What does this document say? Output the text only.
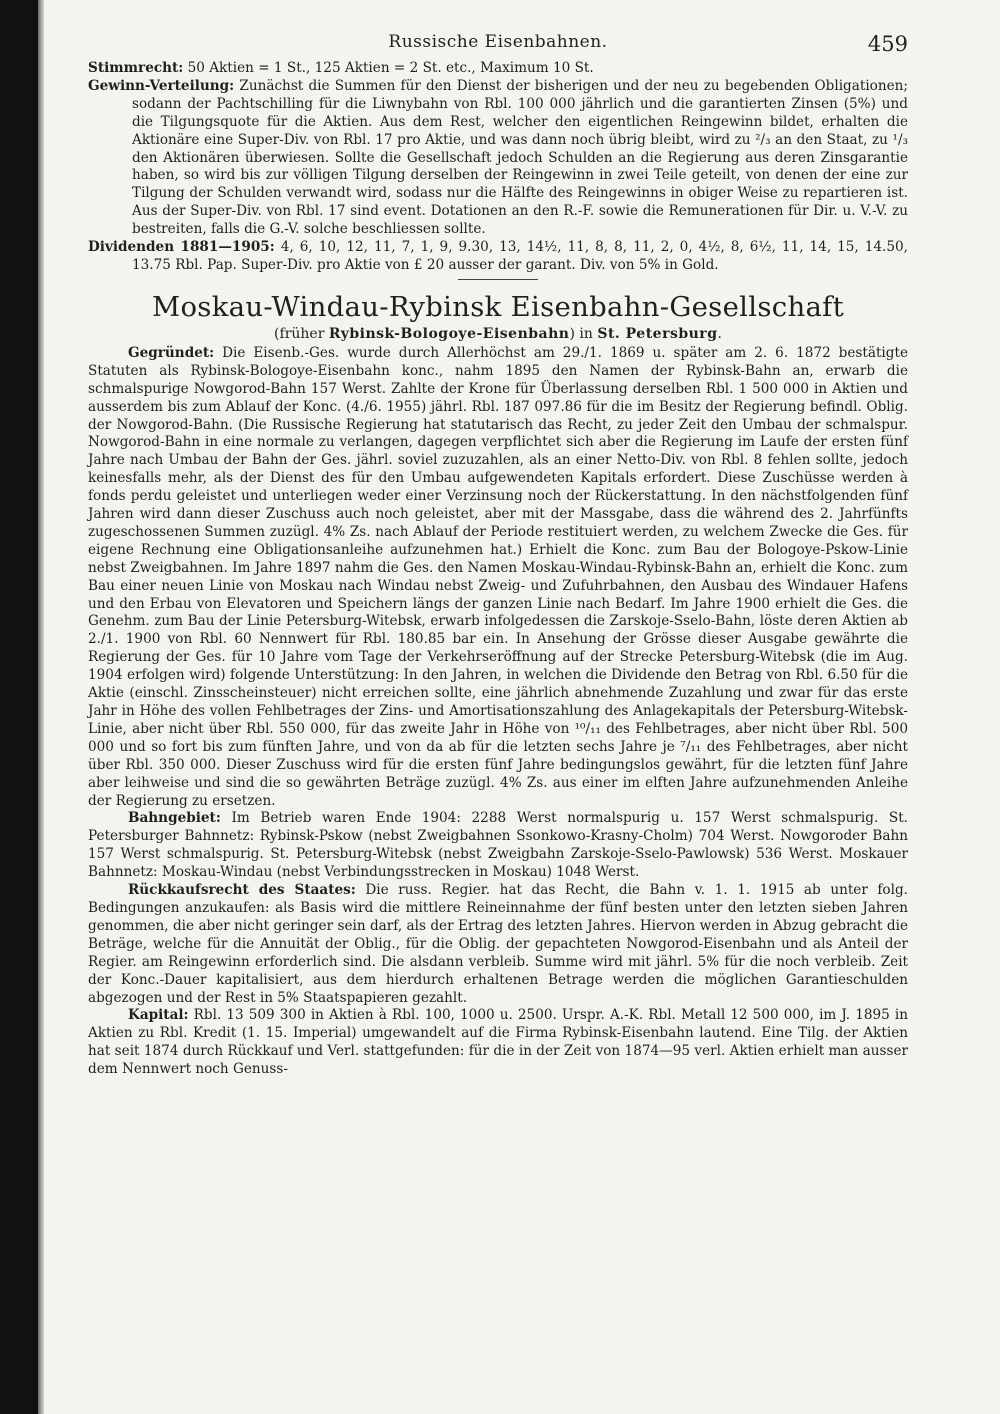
Russische Eisenbahnen.	459

Stimmrecht: 50 Aktien = 1 St., 125 Aktien = 2 St. etc., Maximum 10 St.

Gewinn-Verteilung: Zunächst die Summen für den Dienst der bisherigen und der neu zu begebenden Obligationen; sodann der Pachtschilling für die Liwnybahn von Rbl. 100 000 jährlich und die garantierten Zinsen (5%) und die Tilgungsquote für die Aktien. Aus dem Rest, welcher den eigentlichen Reingewinn bildet, erhalten die Aktionäre eine Super-Div. von Rbl. 17 pro Aktie, und was dann noch übrig bleibt, wird zu ²/₃ an den Staat, zu ¹/₃ den Aktionären überwiesen. Sollte die Gesellschaft jedoch Schulden an die Regierung aus deren Zinsgarantie haben, so wird bis zur völligen Tilgung derselben der Reingewinn in zwei Teile geteilt, von denen der eine zur Tilgung der Schulden verwandt wird, sodass nur die Hälfte des Reingewinns in obiger Weise zu repartieren ist. Aus der Super-Div. von Rbl. 17 sind event. Dotationen an den R.-F. sowie die Remunerationen für Dir. u. V.-V. zu bestreiten, falls die G.-V. solche beschliessen sollte.

Dividenden 1881—1905: 4, 6, 10, 12, 11, 7, 1, 9, 9.30, 13, 14½, 11, 8, 8, 11, 2, 0, 4½, 8, 6½, 11, 14, 15, 14.50, 13.75 Rbl. Pap. Super-Div. pro Aktie von £ 20 ausser der garant. Div. von 5% in Gold.

Moskau-Windau-Rybinsk Eisenbahn-Gesellschaft
(früher Rybinsk-Bologoye-Eisenbahn) in St. Petersburg.

Gegründet: Die Eisenb.-Ges. wurde durch Allerhöchst am 29./1. 1869 u. später am 2. 6. 1872 bestätigte Statuten als Rybinsk-Bologoye-Eisenbahn konc., nahm 1895 den Namen der Rybinsk-Bahn an, erwarb die schmalspurige Nowgorod-Bahn 157 Werst. Zahlte der Krone für Überlassung derselben Rbl. 1 500 000 in Aktien und ausserdem bis zum Ablauf der Konc. (4./6. 1955) jährl. Rbl. 187 097.86 für die im Besitz der Regierung befindl. Oblig. der Nowgorod-Bahn. (Die Russische Regierung hat statutarisch das Recht, zu jeder Zeit den Umbau der schmalspur. Nowgorod-Bahn in eine normale zu verlangen, dagegen verpflichtet sich aber die Regierung im Laufe der ersten fünf Jahre nach Umbau der Bahn der Ges. jährl. soviel zuzuzahlen, als an einer Netto-Div. von Rbl. 8 fehlen sollte, jedoch keinesfalls mehr, als der Dienst des für den Umbau aufgewendeten Kapitals erfordert. Diese Zuschüsse werden à fonds perdu geleistet und unterliegen weder einer Verzinsung noch der Rückerstattung. In den nächstfolgenden fünf Jahren wird dann dieser Zuschuss auch noch geleistet, aber mit der Massgabe, dass die während des 2. Jahrfünfts zugeschossenen Summen zuzügl. 4% Zs. nach Ablauf der Periode restituiert werden, zu welchem Zwecke die Ges. für eigene Rechnung eine Obligationsanleihe aufzunehmen hat.) Erhielt die Konc. zum Bau der Bologoye-Pskow-Linie nebst Zweigbahnen. Im Jahre 1897 nahm die Ges. den Namen Moskau-Windau-Rybinsk-Bahn an, erhielt die Konc. zum Bau einer neuen Linie von Moskau nach Windau nebst Zweig- und Zufuhrbahnen, den Ausbau des Windauer Hafens und den Erbau von Elevatoren und Speichern längs der ganzen Linie nach Bedarf. Im Jahre 1900 erhielt die Ges. die Genehm. zum Bau der Linie Petersburg-Witebsk, erwarb infolgedessen die Zarskoje-Sselo-Bahn, löste deren Aktien ab 2./1. 1900 von Rbl. 60 Nennwert für Rbl. 180.85 bar ein. In Ansehung der Grösse dieser Ausgabe gewährte die Regierung der Ges. für 10 Jahre vom Tage der Verkehrseröffnung auf der Strecke Petersburg-Witebsk (die im Aug. 1904 erfolgen wird) folgende Unterstützung: In den Jahren, in welchen die Dividende den Betrag von Rbl. 6.50 für die Aktie (einschl. Zinsscheinsteuer) nicht erreichen sollte, eine jährlich abnehmende Zuzahlung und zwar für das erste Jahr in Höhe des vollen Fehlbetrages der Zins- und Amortisationszahlung des Anlagekapitals der Petersburg-Witebsk-Linie, aber nicht über Rbl. 550 000, für das zweite Jahr in Höhe von ¹⁰/₁₁ des Fehlbetrages, aber nicht über Rbl. 500 000 und so fort bis zum fünften Jahre, und von da ab für die letzten sechs Jahre je ⁷/₁₁ des Fehlbetrages, aber nicht über Rbl. 350 000. Dieser Zuschuss wird für die ersten fünf Jahre bedingungslos gewährt, für die letzten fünf Jahre aber leihweise und sind die so gewährten Beträge zuzügl. 4% Zs. aus einer im elften Jahre aufzunehmenden Anleihe der Regierung zu ersetzen.

Bahngebiet: Im Betrieb waren Ende 1904: 2288 Werst normalspurig u. 157 Werst schmalspurig. St. Petersburger Bahnnetz: Rybinsk-Pskow (nebst Zweigbahnen Ssonkowo-Krasny-Cholm) 704 Werst. Nowgoroder Bahn 157 Werst schmalspurig. St. Petersburg-Witebsk (nebst Zweigbahn Zarskoje-Sselo-Pawlowsk) 536 Werst. Moskauer Bahnnetz: Moskau-Windau (nebst Verbindungsstrecken in Moskau) 1048 Werst.

Rückkaufsrecht des Staates: Die russ. Regier. hat das Recht, die Bahn v. 1. 1. 1915 ab unter folg. Bedingungen anzukaufen: als Basis wird die mittlere Reineinnahme der fünf besten unter den letzten sieben Jahren genommen, die aber nicht geringer sein darf, als der Ertrag des letzten Jahres. Hiervon werden in Abzug gebracht die Beträge, welche für die Annuität der Oblig., für die Oblig. der gepachteten Nowgorod-Eisenbahn und als Anteil der Regier. am Reingewinn erforderlich sind. Die alsdann verbleib. Summe wird mit jährl. 5% für die noch verbleib. Zeit der Konc.-Dauer kapitalisiert, aus dem hierdurch erhaltenen Betrage werden die möglichen Garantieschulden abgezogen und der Rest in 5% Staatspapieren gezahlt.

Kapital: Rbl. 13 509 300 in Aktien à Rbl. 100, 1000 u. 2500. Urspr. A.-K. Rbl. Metall 12 500 000, im J. 1895 in Aktien zu Rbl. Kredit (1. 15. Imperial) umgewandelt auf die Firma Rybinsk-Eisenbahn lautend. Eine Tilg. der Aktien hat seit 1874 durch Rückkauf und Verl. stattgefunden: für die in der Zeit von 1874—95 verl. Aktien erhielt man ausser dem Nennwert noch Genuss-
